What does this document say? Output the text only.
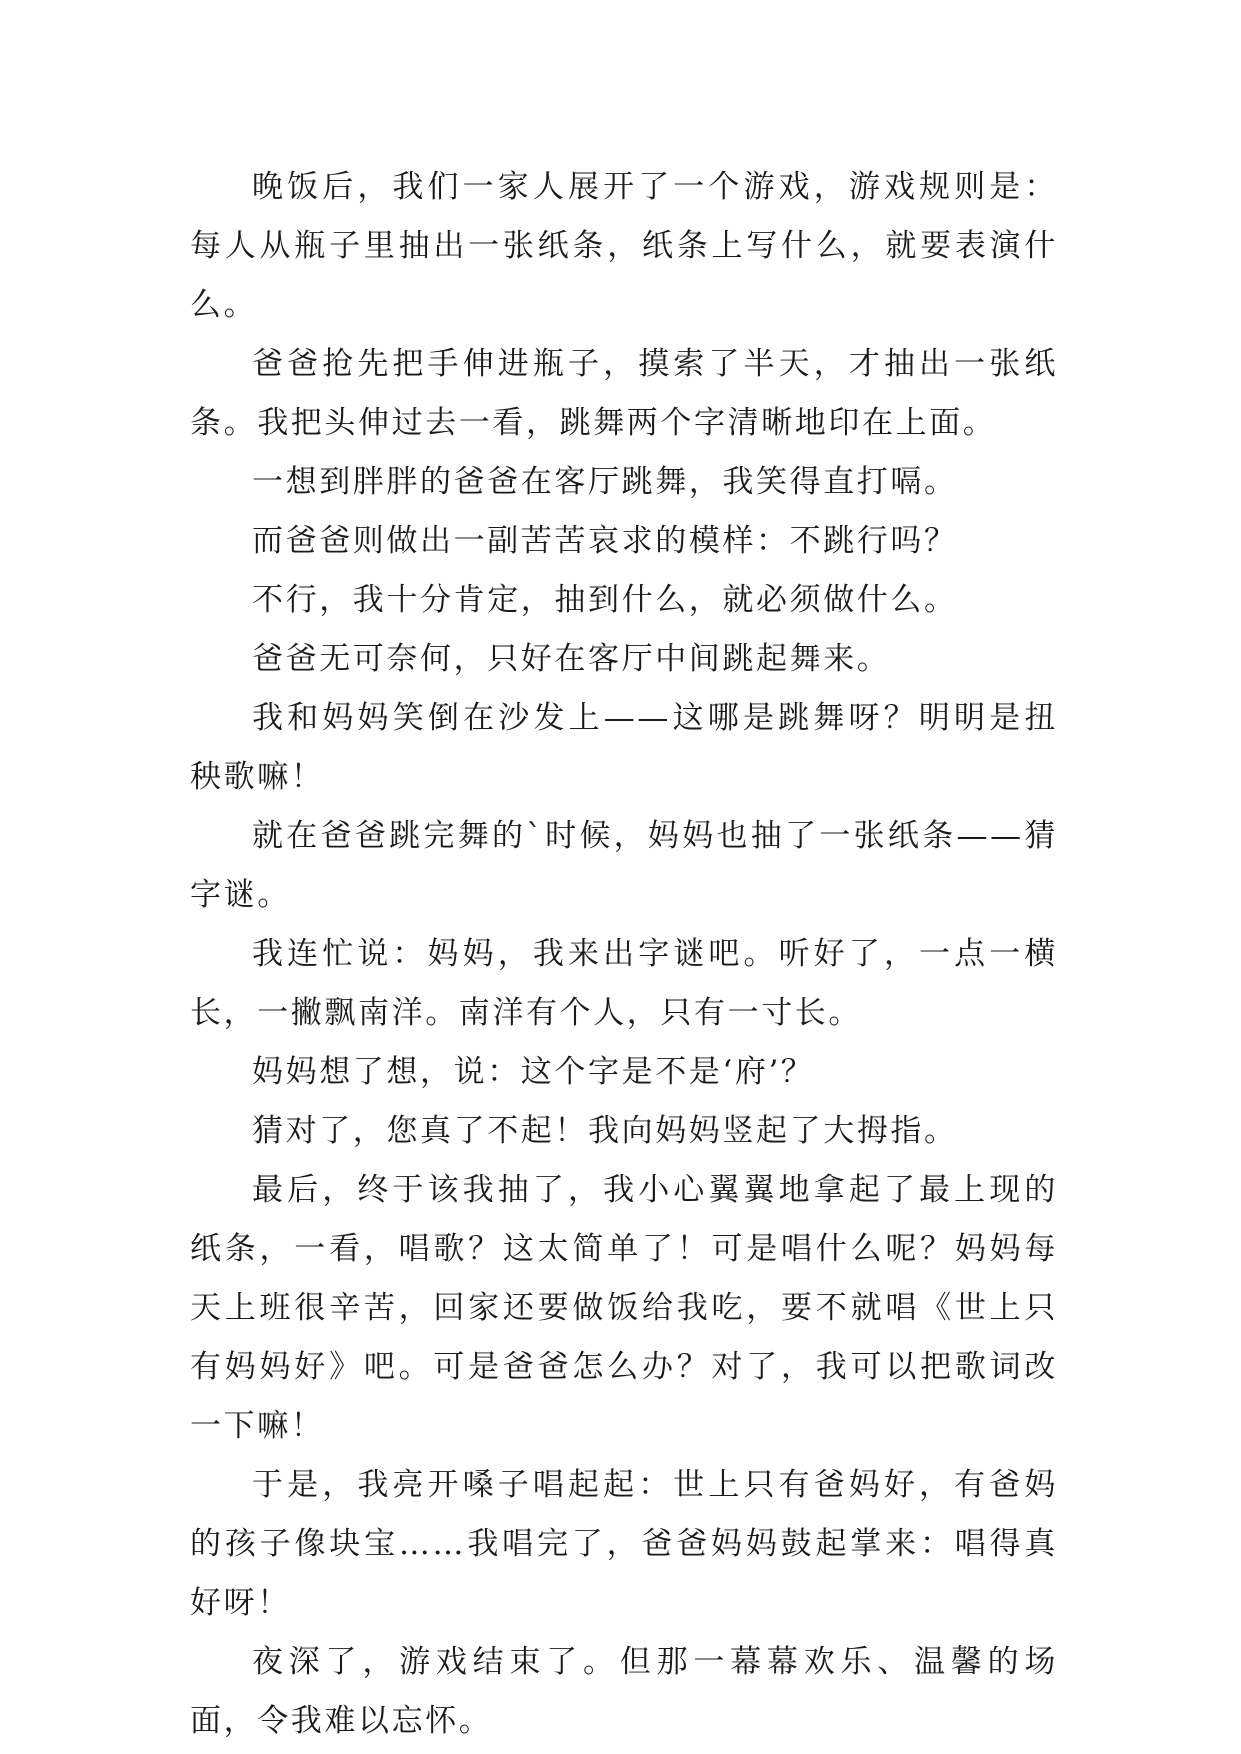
晚饭后，我们一家人展开了一个游戏，游戏规则是：每人从瓶子里抽出一张纸条，纸条上写什么，就要表演什么。

爸爸抢先把手伸进瓶子，摸索了半天，才抽出一张纸条。我把头伸过去一看，跳舞两个字清晰地印在上面。

一想到胖胖的爸爸在客厅跳舞，我笑得直打嗝。

而爸爸则做出一副苦苦哀求的模样：不跳行吗？

不行，我十分肯定，抽到什么，就必须做什么。

爸爸无可奈何，只好在客厅中间跳起舞来。

我和妈妈笑倒在沙发上——这哪是跳舞呀？明明是扭秧歌嘛！

就在爸爸跳完舞的`时候，妈妈也抽了一张纸条——猜字谜。

我连忙说：妈妈，我来出字谜吧。听好了，一点一横长，一撇飘南洋。南洋有个人，只有一寸长。

妈妈想了想，说：这个字是不是‘府’？

猜对了，您真了不起！我向妈妈竖起了大拇指。

最后，终于该我抽了，我小心翼翼地拿起了最上现的纸条，一看，唱歌？这太简单了！可是唱什么呢？妈妈每天上班很辛苦，回家还要做饭给我吃，要不就唱《世上只有妈妈好》吧。可是爸爸怎么办？对了，我可以把歌词改一下嘛！

于是，我亮开嗓子唱起起：世上只有爸妈好，有爸妈的孩子像块宝……我唱完了，爸爸妈妈鼓起掌来：唱得真好呀！

夜深了，游戏结束了。但那一幕幕欢乐、温馨的场面，令我难以忘怀。
